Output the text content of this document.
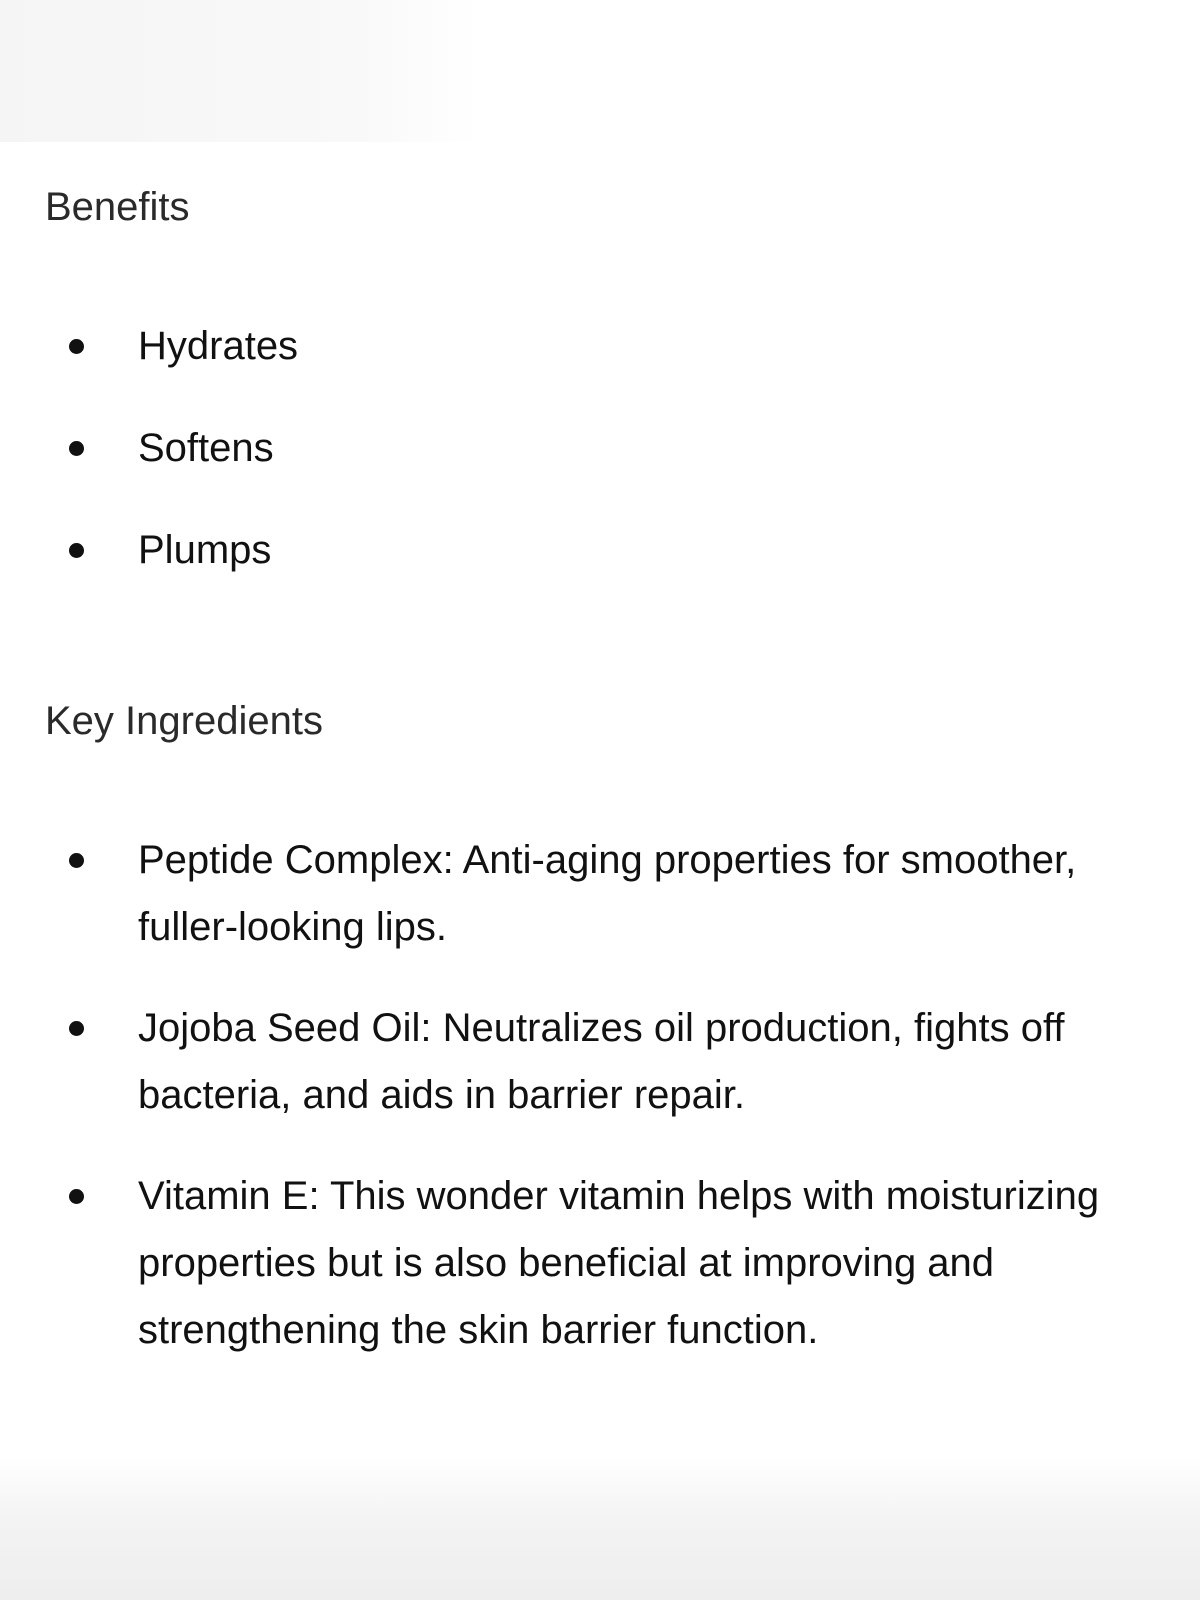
Benefits
Hydrates
Softens
Plumps
Key Ingredients
Peptide Complex: Anti-aging properties for smoother, fuller-looking lips.
Jojoba Seed Oil: Neutralizes oil production, fights off bacteria, and aids in barrier repair.
Vitamin E: This wonder vitamin helps with moisturizing properties but is also beneficial at improving and strengthening the skin barrier function.
